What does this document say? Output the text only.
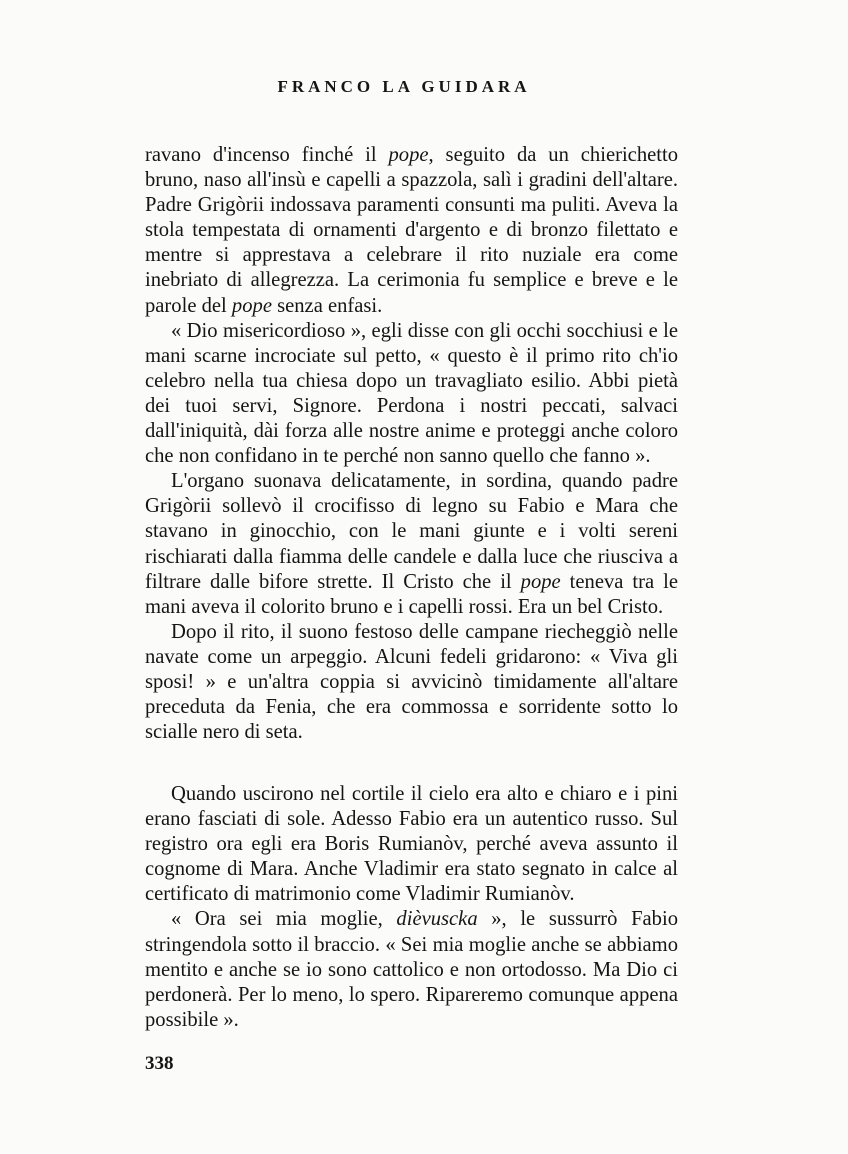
FRANCO LA GUIDARA

ravano d'incenso finché il pope, seguito da un chierichetto bruno, naso all'insù e capelli a spazzola, salì i gradini dell'altare. Padre Grigòrii indossava paramenti consunti ma puliti. Aveva la stola tempestata di ornamenti d'argento e di bronzo filettato e mentre si apprestava a celebrare il rito nuziale era come inebriato di allegrezza. La cerimonia fu semplice e breve e le parole del pope senza enfasi.

« Dio misericordioso », egli disse con gli occhi socchiusi e le mani scarne incrociate sul petto, « questo è il primo rito ch'io celebro nella tua chiesa dopo un travagliato esilio. Abbi pietà dei tuoi servi, Signore. Perdona i nostri peccati, salvaci dall'iniquità, dài forza alle nostre anime e proteggi anche coloro che non confidano in te perché non sanno quello che fanno ».

L'organo suonava delicatamente, in sordina, quando padre Grigòrii sollevò il crocifisso di legno su Fabio e Mara che stavano in ginocchio, con le mani giunte e i volti sereni rischiarati dalla fiamma delle candele e dalla luce che riusciva a filtrare dalle bifore strette. Il Cristo che il pope teneva tra le mani aveva il colorito bruno e i capelli rossi. Era un bel Cristo.

Dopo il rito, il suono festoso delle campane riecheggiò nelle navate come un arpeggio. Alcuni fedeli gridarono: « Viva gli sposi! » e un'altra coppia si avvicinò timidamente all'altare preceduta da Fenia, che era commossa e sorridente sotto lo scialle nero di seta.

Quando uscirono nel cortile il cielo era alto e chiaro e i pini erano fasciati di sole. Adesso Fabio era un autentico russo. Sul registro ora egli era Boris Rumianòv, perché aveva assunto il cognome di Mara. Anche Vladimir era stato segnato in calce al certificato di matrimonio come Vladimir Rumianòv.

« Ora sei mia moglie, dièvuscka », le sussurrò Fabio stringendola sotto il braccio. « Sei mia moglie anche se abbiamo mentito e anche se io sono cattolico e non ortodosso. Ma Dio ci perdonerà. Per lo meno, lo spero. Ripareremo comunque appena possibile ».

338
